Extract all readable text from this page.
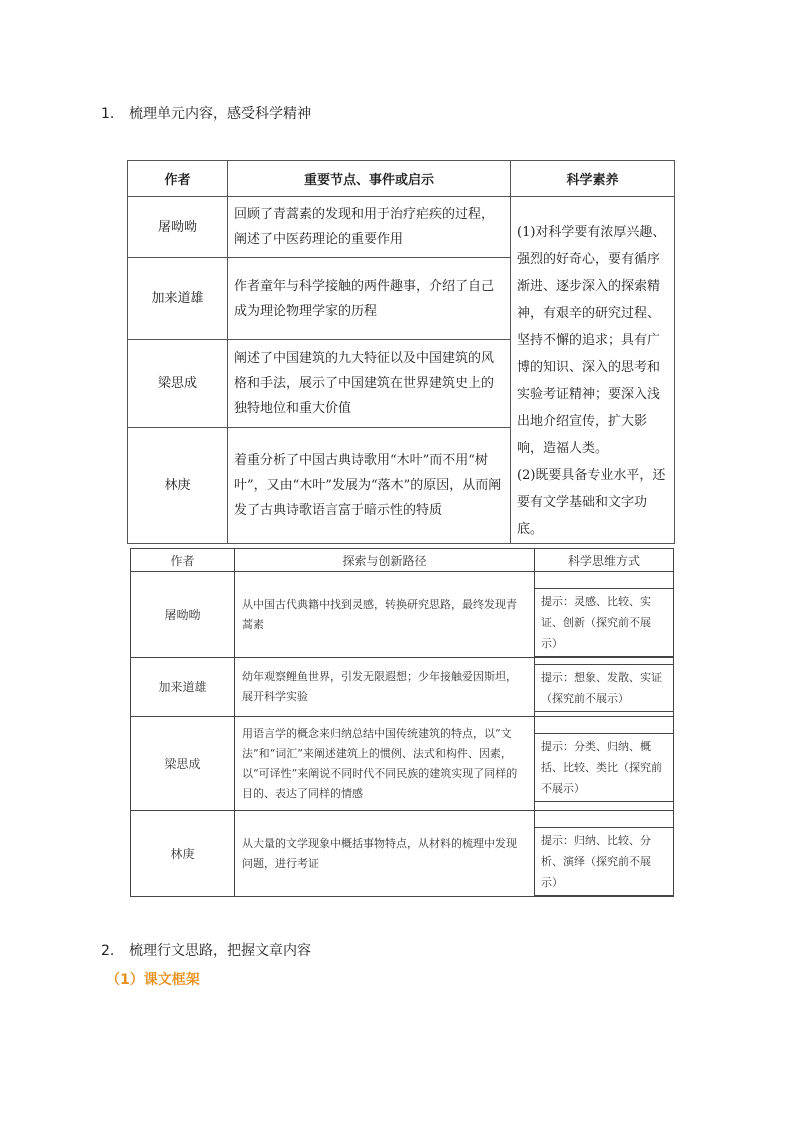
1. 梳理单元内容，感受科学精神
作者	重要节点、事件或启示	科学素养
屠呦呦	回顾了青蒿素的发现和用于治疗疟疾的过程，阐述了中医药理论的重要作用	(1)对科学要有浓厚兴趣、强烈的好奇心，要有循序渐进、逐步深入的探索精神，有艰辛的研究过程、坚持不懈的追求；具有广博的知识、深入的思考和实验考证精神；要深入浅出地介绍宣传，扩大影响，造福人类。
(2)既要具备专业水平，还要有文学基础和文字功底。

加来道雄	作者童年与科学接触的两件趣事，介绍了自己成为理论物理学家的历程	
梁思成	阐述了中国建筑的九大特征以及中国建筑的风格和手法，展示了中国建筑在世界建筑史上的独特地位和重大价值	
林庚	着重分析了中国古典诗歌用“木叶”而不用“树叶”，又由“木叶”发展为“落木”的原因，从而阐发了古典诗歌语言富于暗示性的特质	
作者	探索与创新路径	科学思维方式
屠呦呦	从中国古代典籍中找到灵感，转换研究思路，最终发现青蒿素	提示：灵感、比较、实证、创新（探究前不展示）

加来道雄	幼年观察鲤鱼世界，引发无限遐想；少年接触爱因斯坦，展开科学实验	提示：想象、发散、实证（探究前不展示）

梁思成	用语言学的概念来归纳总结中国传统建筑的特点，以“文法”和“词汇”来阐述建筑上的惯例、法式和构件、因素，以“可译性”来阐说不同时代不同民族的建筑实现了同样的目的、表达了同样的情感	提示：分类、归纳、概括、比较、类比（探究前不展示）

林庚	从大量的文学现象中概括事物特点，从材料的梳理中发现问题，进行考证	提示：归纳、比较、分析、演绎（探究前不展示）
2. 梳理行文思路，把握文章内容
（1）课文框架
